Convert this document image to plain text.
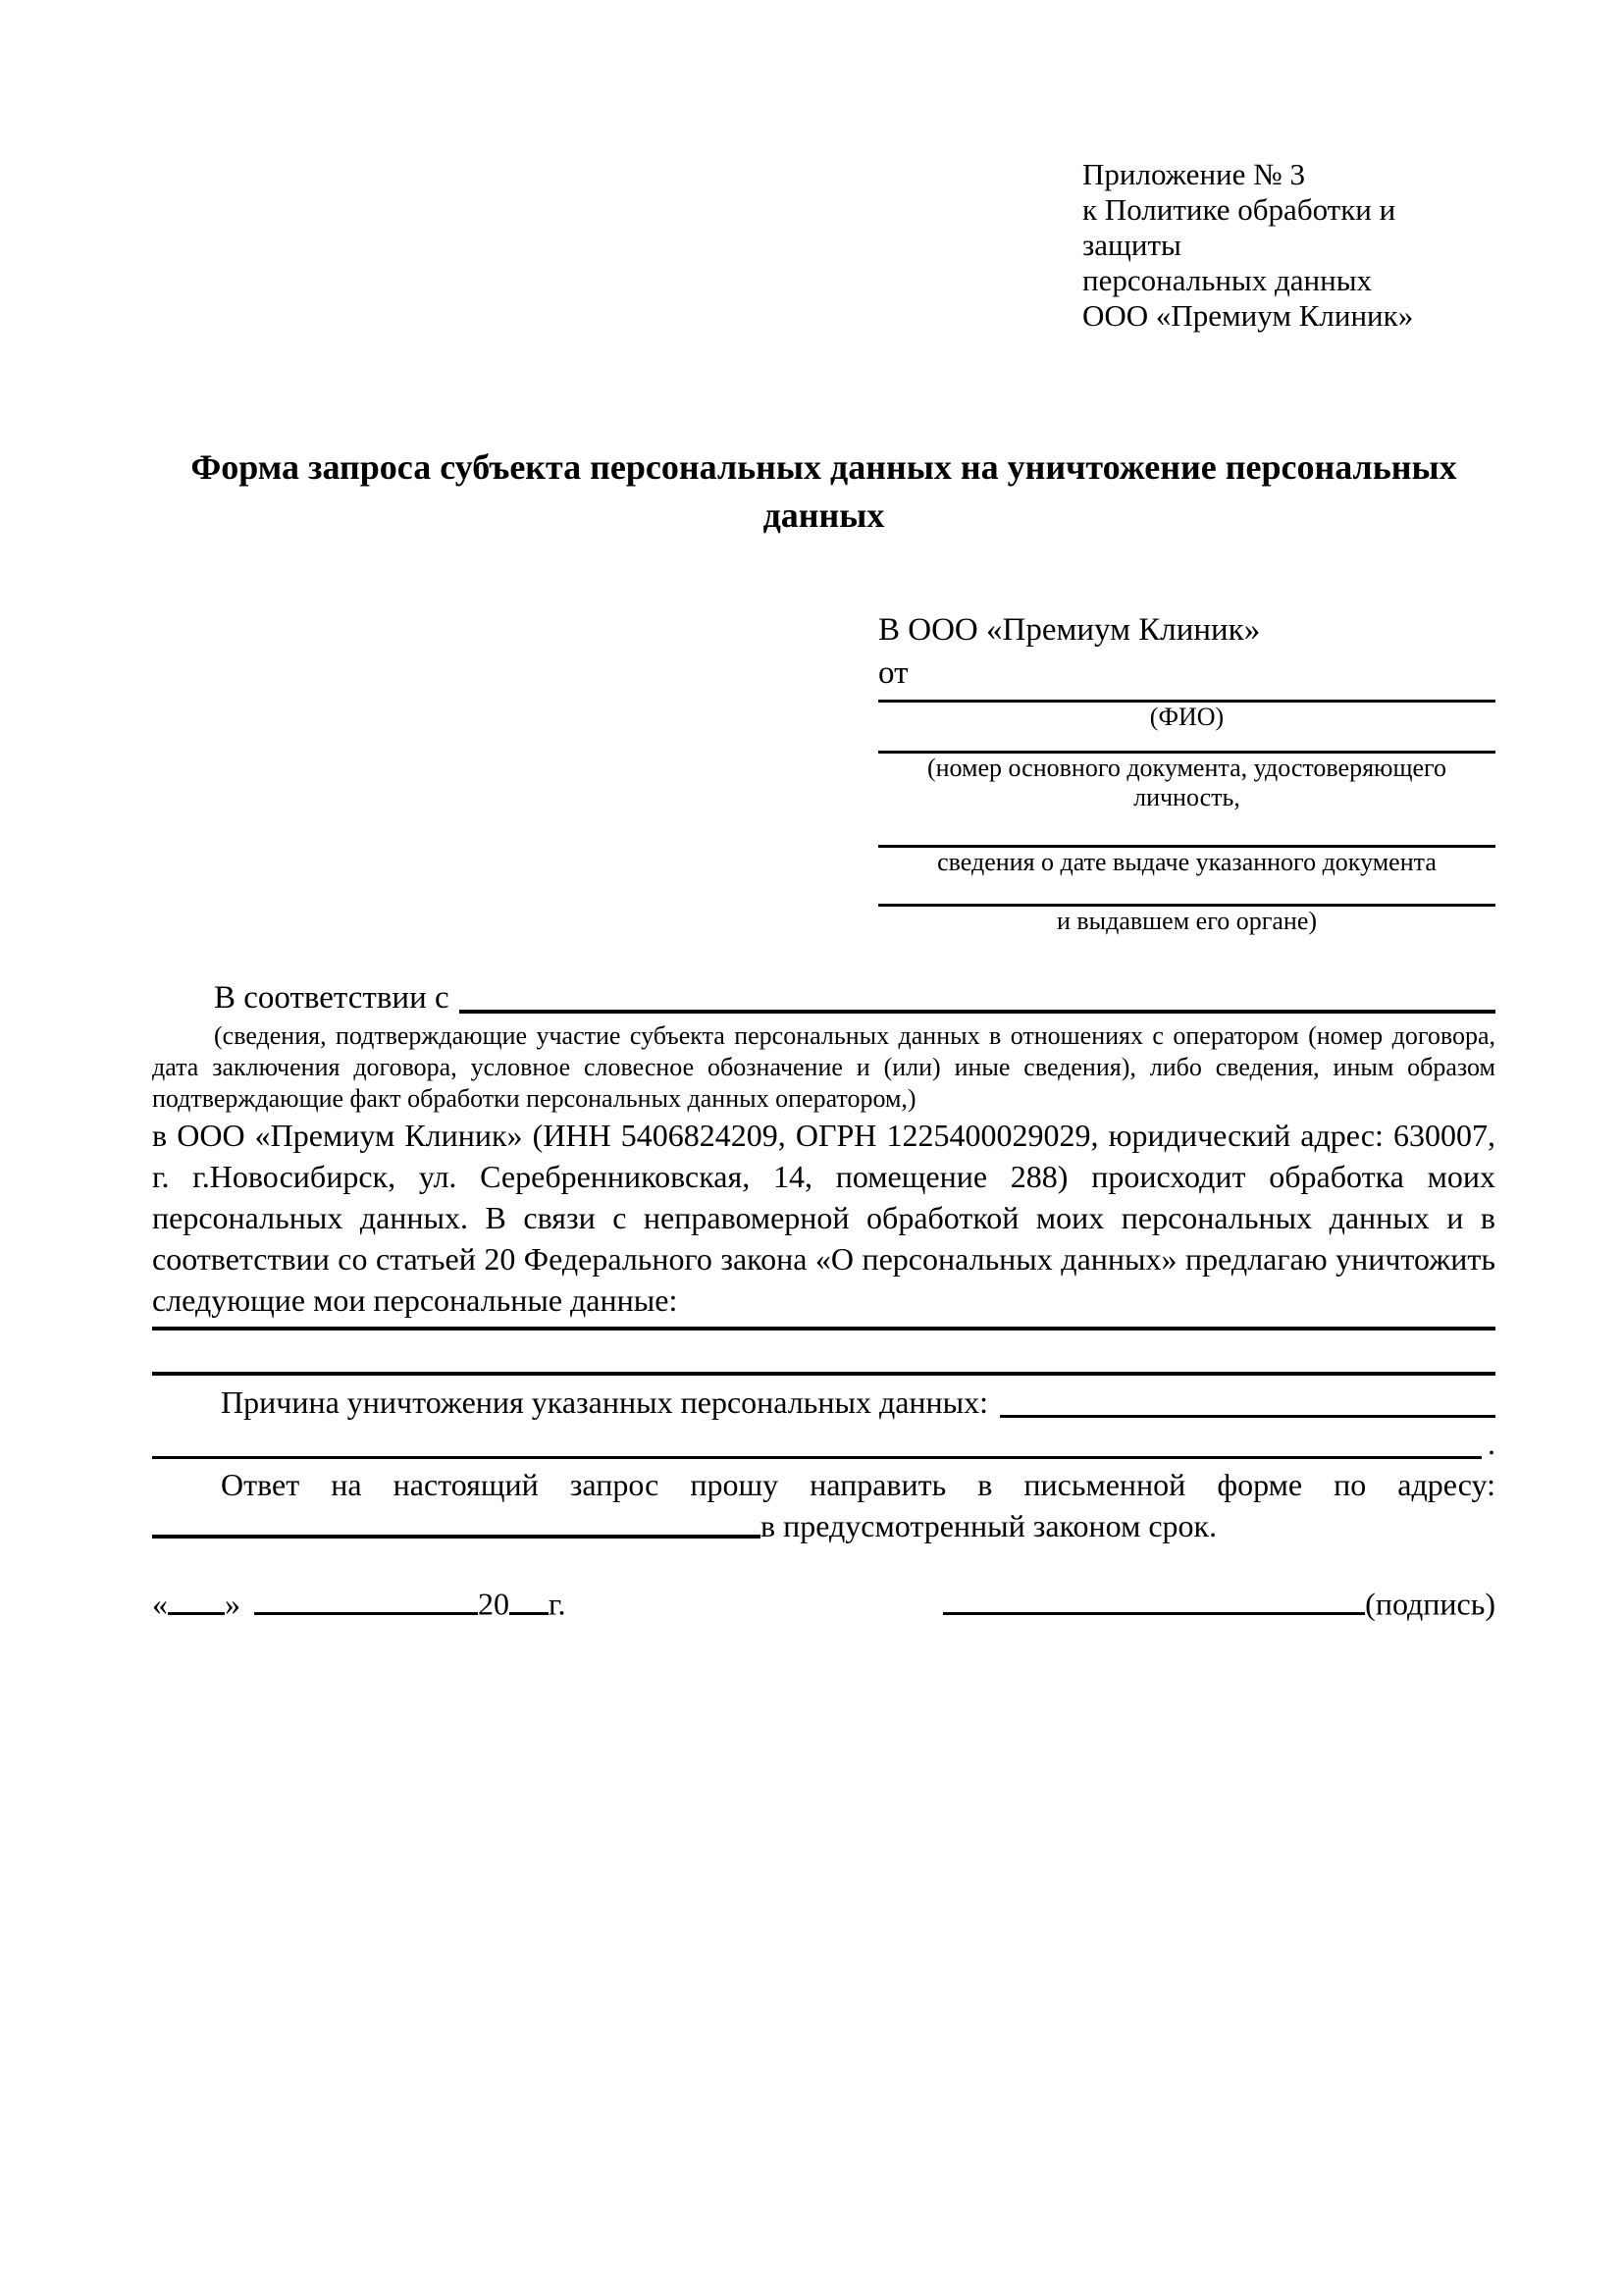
Приложение № 3
к Политике обработки и защиты
персональных данных
ООО «Премиум Клиник»
Форма запроса субъекта персональных данных на уничтожение персональных данных
В ООО «Премиум Клиник»
от
(ФИО)
(номер основного документа, удостоверяющего личность,
сведения о дате выдаче указанного документа
и выдавшем его органе)
В соответствии с

(сведения, подтверждающие участие субъекта персональных данных в отношениях с оператором (номер договора, дата заключения договора, условное словесное обозначение и (или) иные сведения), либо сведения, иным образом подтверждающие факт обработки персональных данных оператором,)

в ООО «Премиум Клиник» (ИНН 5406824209, ОГРН 1225400029029, юридический адрес: 630007, г. г.Новосибирск, ул. Серебренниковская, 14, помещение 288) происходит обработка моих персональных данных. В связи с неправомерной обработкой моих персональных данных и в соответствии со статьей 20 Федерального закона «О персональных данных» предлагаю уничтожить следующие мои персональные данные:

Причина уничтожения указанных персональных данных:
.

Ответ на настоящий запрос прошу направить в письменной форме по адресу:

в предусмотренный законом срок.
« »	20 г.	(подпись)
